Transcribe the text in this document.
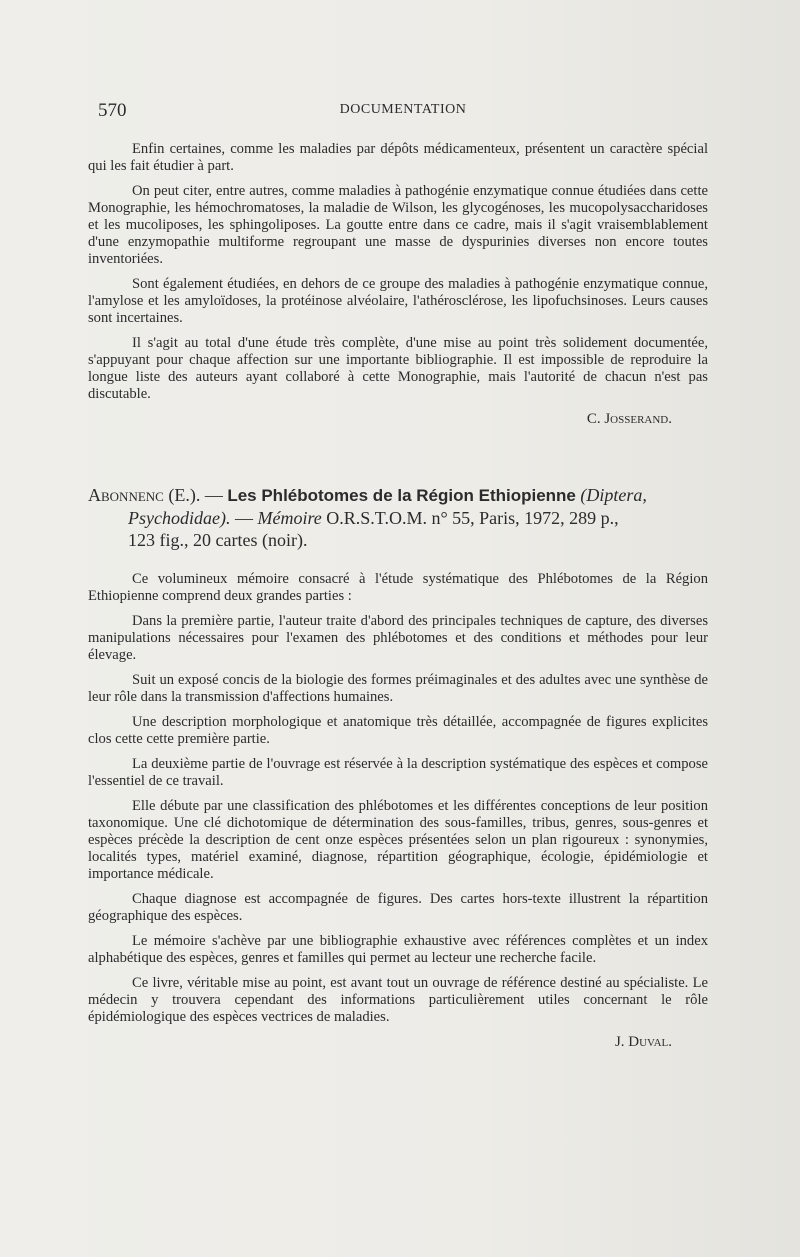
570	DOCUMENTATION

Enfin certaines, comme les maladies par dépôts médicamenteux, présentent un caractère spécial qui les fait étudier à part.

On peut citer, entre autres, comme maladies à pathogénie enzymatique connue étudiées dans cette Monographie, les hémochromatoses, la maladie de Wilson, les glycogénoses, les mucopolysaccharidoses et les mucoliposes, les sphingoliposes. La goutte entre dans ce cadre, mais il s'agit vraisemblablement d'une enzymopathie multiforme regroupant une masse de dyspurinies diverses non encore toutes inventoriées.

Sont également étudiées, en dehors de ce groupe des maladies à pathogénie enzymatique connue, l'amylose et les amyloïdoses, la protéinose alvéolaire, l'athérosclérose, les lipofuchsinoses. Leurs causes sont incertaines.

Il s'agit au total d'une étude très complète, d'une mise au point très solidement documentée, s'appuyant pour chaque affection sur une importante bibliographie. Il est impossible de reproduire la longue liste des auteurs ayant collaboré à cette Monographie, mais l'autorité de chacun n'est pas discutable.

C. Josserand.

Abonnenc (E.). — Les Phlébotomes de la Région Ethiopienne (Diptera,
Psychodidae). — Mémoire O.R.S.T.O.M. n° 55, Paris, 1972, 289 p.,
123 fig., 20 cartes (noir).

Ce volumineux mémoire consacré à l'étude systématique des Phlébotomes de la Région Ethiopienne comprend deux grandes parties :

Dans la première partie, l'auteur traite d'abord des principales techniques de capture, des diverses manipulations nécessaires pour l'examen des phlébotomes et des conditions et méthodes pour leur élevage.

Suit un exposé concis de la biologie des formes préimaginales et des adultes avec une synthèse de leur rôle dans la transmission d'affections humaines.

Une description morphologique et anatomique très détaillée, accompagnée de figures explicites clos cette cette première partie.

La deuxième partie de l'ouvrage est réservée à la description systématique des espèces et compose l'essentiel de ce travail.

Elle débute par une classification des phlébotomes et les différentes conceptions de leur position taxonomique. Une clé dichotomique de détermination des sous-familles, tribus, genres, sous-genres et espèces précède la description de cent onze espèces présentées selon un plan rigoureux : synonymies, localités types, matériel examiné, diagnose, répartition géographique, écologie, épidémiologie et importance médicale.

Chaque diagnose est accompagnée de figures. Des cartes hors-texte illustrent la répartition géographique des espèces.

Le mémoire s'achève par une bibliographie exhaustive avec références complètes et un index alphabétique des espèces, genres et familles qui permet au lecteur une recherche facile.

Ce livre, véritable mise au point, est avant tout un ouvrage de référence destiné au spécialiste. Le médecin y trouvera cependant des informations particulièrement utiles concernant le rôle épidémiologique des espèces vectrices de maladies.

J. Duval.
